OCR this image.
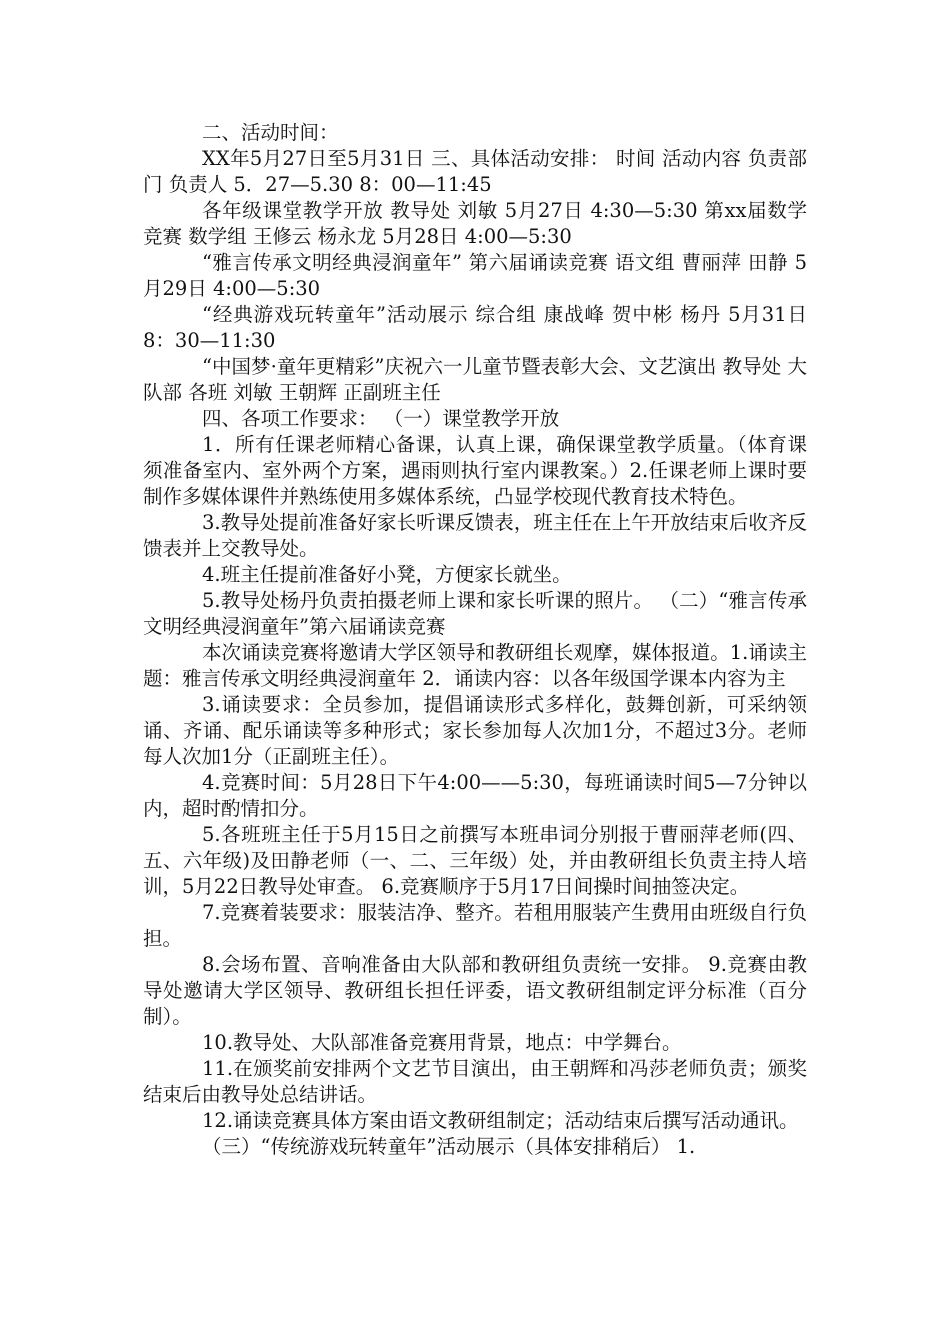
二、活动时间：

XX年5月27日至5月31日 三、具体活动安排： 时间 活动内容 负责部门 负责人 5．27—5.30 8：00—11:45

各年级课堂教学开放 教导处 刘敏 5月27日 4:30—5:30 第xx届数学竞赛 数学组 王修云 杨永龙 5月28日 4:00—5:30

“雅言传承文明经典浸润童年” 第六届诵读竞赛 语文组 曹丽萍 田静 5月29日 4:00—5:30

“经典游戏玩转童年”活动展示 综合组 康战峰 贺中彬 杨丹 5月31日 8：30—11:30

“中国梦·童年更精彩”庆祝六一儿童节暨表彰大会、文艺演出 教导处 大队部 各班 刘敏 王朝辉 正副班主任

四、各项工作要求： （一）课堂教学开放

1．所有任课老师精心备课，认真上课，确保课堂教学质量。（体育课须准备室内、室外两个方案，遇雨则执行室内课教案。）2.任课老师上课时要制作多媒体课件并熟练使用多媒体系统，凸显学校现代教育技术特色。

3.教导处提前准备好家长听课反馈表，班主任在上午开放结束后收齐反馈表并上交教导处。

4.班主任提前准备好小凳，方便家长就坐。

5.教导处杨丹负责拍摄老师上课和家长听课的照片。 （二）“雅言传承文明经典浸润童年”第六届诵读竞赛

本次诵读竞赛将邀请大学区领导和教研组长观摩，媒体报道。1.诵读主题：雅言传承文明经典浸润童年 2．诵读内容：以各年级国学课本内容为主

3.诵读要求：全员参加，提倡诵读形式多样化，鼓舞创新，可采纳领诵、齐诵、配乐诵读等多种形式；家长参加每人次加1分，不超过3分。老师每人次加1分（正副班主任）。

4.竞赛时间：5月28日下午4:00——5:30，每班诵读时间5—7分钟以内，超时酌情扣分。

5.各班班主任于5月15日之前撰写本班串词分别报于曹丽萍老师(四、五、六年级)及田静老师（一、二、三年级）处，并由教研组长负责主持人培训，5月22日教导处审查。 6.竞赛顺序于5月17日间操时间抽签决定。

7.竞赛着装要求：服装洁净、整齐。若租用服装产生费用由班级自行负担。

8.会场布置、音响准备由大队部和教研组负责统一安排。 9.竞赛由教导处邀请大学区领导、教研组长担任评委，语文教研组制定评分标准（百分制）。

10.教导处、大队部准备竞赛用背景，地点：中学舞台。

11.在颁奖前安排两个文艺节目演出，由王朝辉和冯莎老师负责；颁奖结束后由教导处总结讲话。

12.诵读竞赛具体方案由语文教研组制定；活动结束后撰写活动通讯。

（三）“传统游戏玩转童年”活动展示（具体安排稍后） 1.
